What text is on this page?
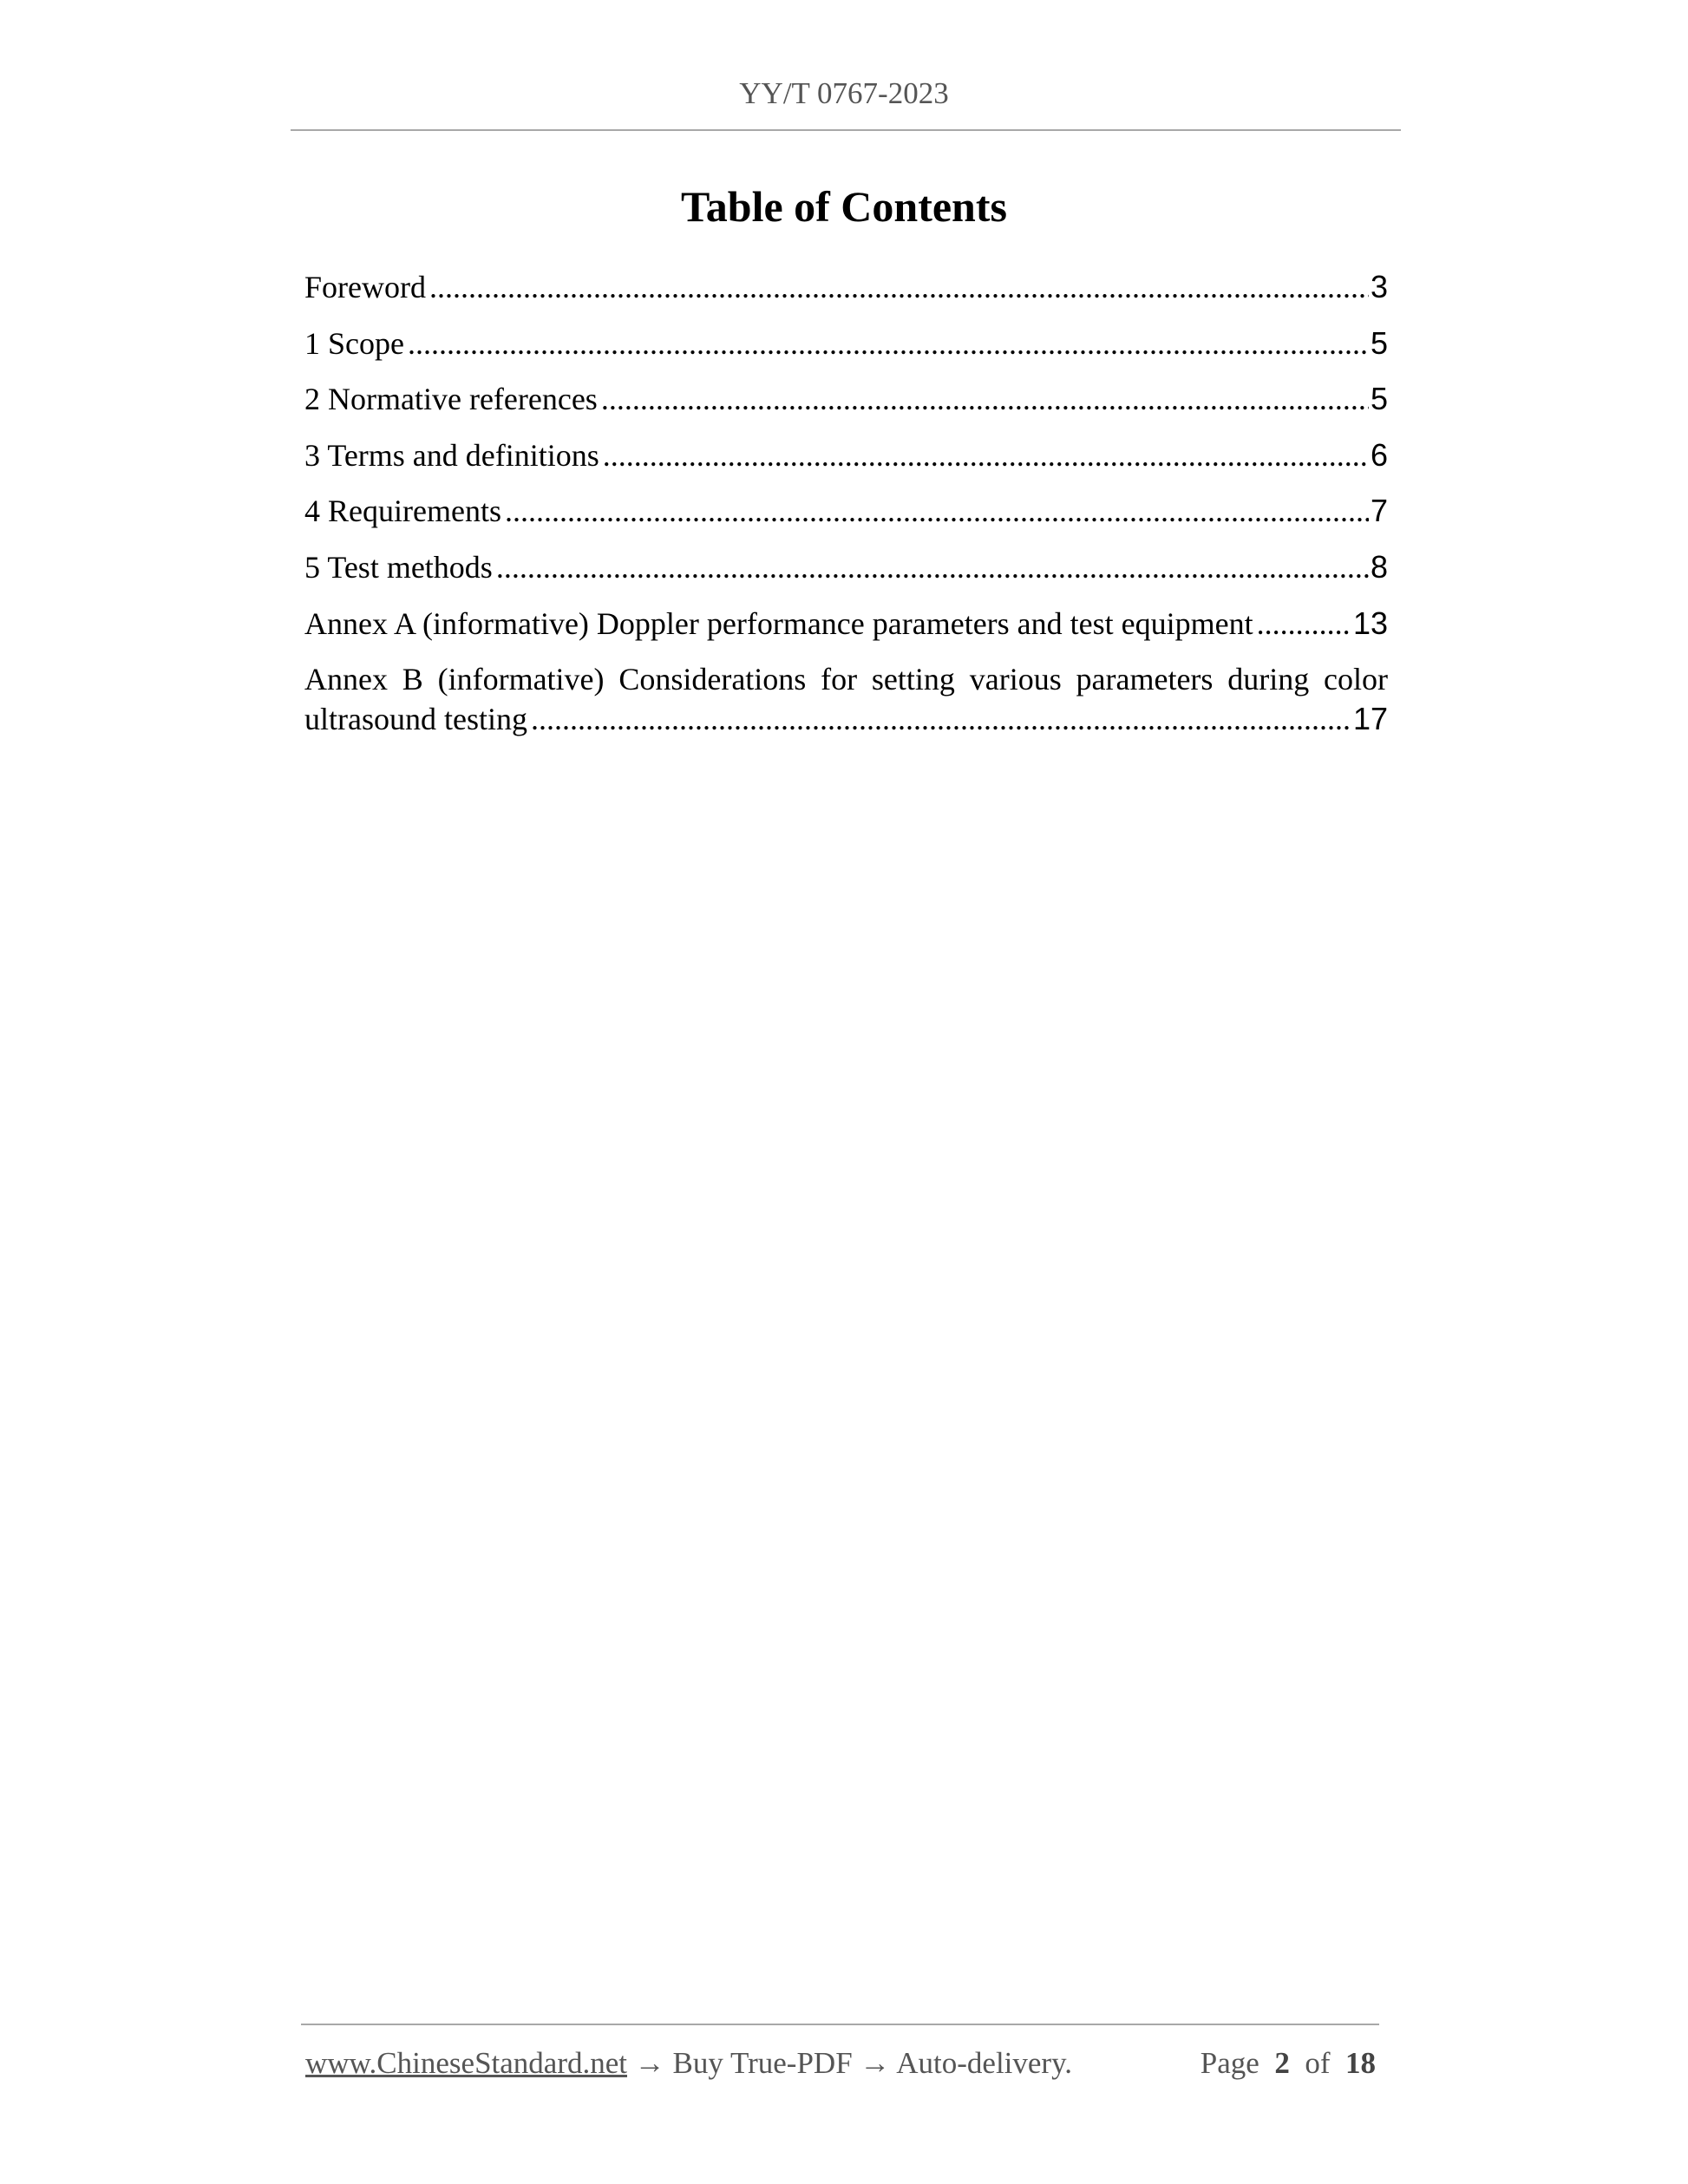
YY/T 0767-2023
Table of Contents
Foreword .....	3
1 Scope .....	5
2 Normative references .....	5
3 Terms and definitions .....	6
4 Requirements .....	7
5 Test methods .....	8
Annex A (informative) Doppler performance parameters and test equipment .....	13
Annex B (informative) Considerations for setting various parameters during color
ultrasound testing .....	17
www.ChineseStandard.net → Buy True-PDF → Auto-delivery.	Page 2 of 18
